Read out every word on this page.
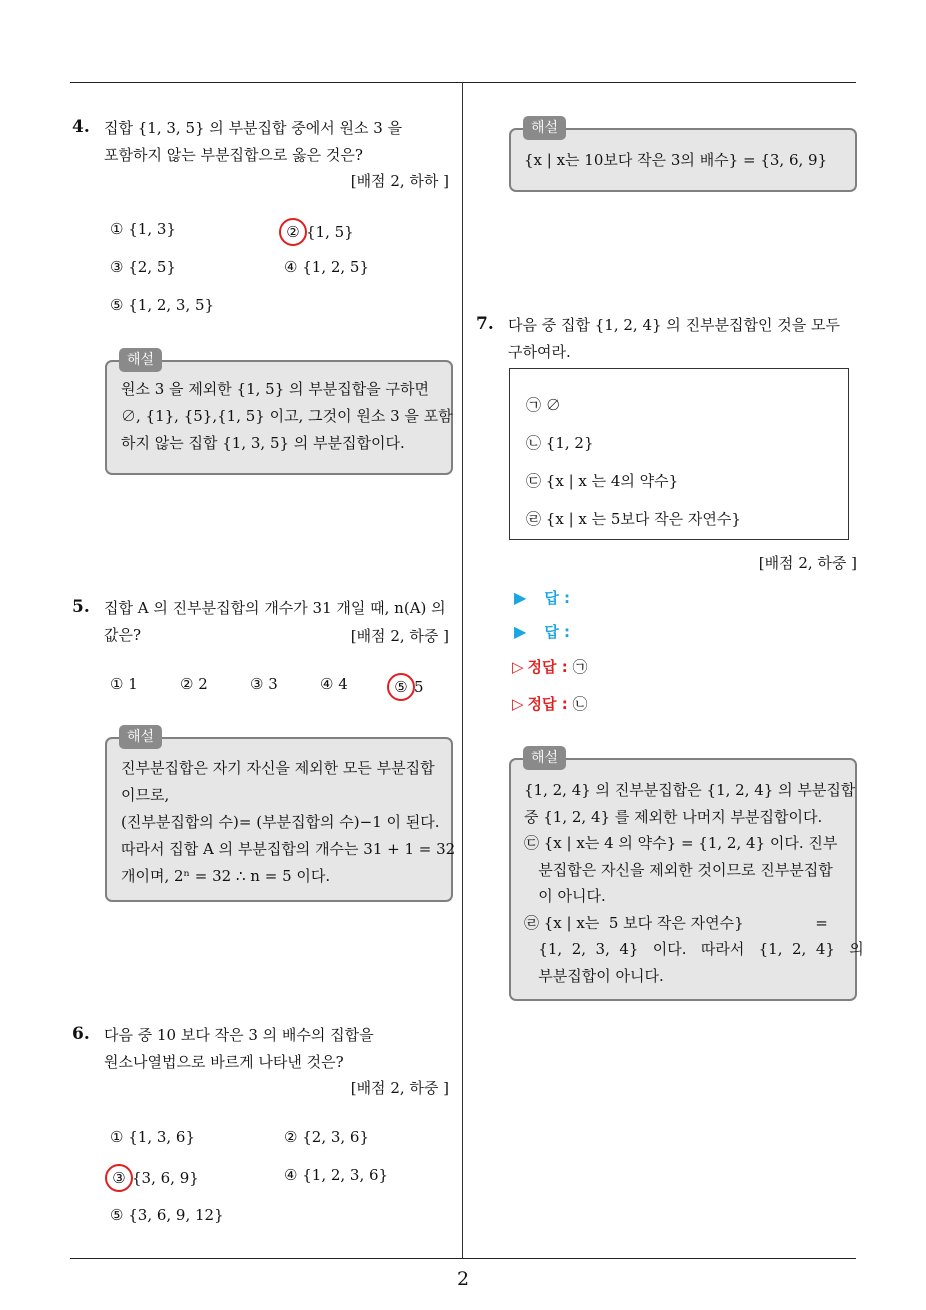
2
4. 집합 {1, 3, 5} 의 부분집합 중에서 원소 3 을
포함하지 않는 부분집합으로 옳은 것은?
[배점 2, 하하 ]
① {1, 3}	② {1, 5}
③ {2, 5}	④ {1, 2, 5}
⑤ {1, 2, 3, 5}
해설
원소 3 을 제외한 {1, 5} 의 부분집합을 구하면
∅, {1}, {5},{1, 5} 이고, 그것이 원소 3 을 포함
하지 않는 집합 {1, 3, 5} 의 부분집합이다.
5. 집합 A 의 진부분집합의 개수가 31 개일 때, n(A) 의
값은?	[배점 2, 하중 ]
① 1	② 2	③ 3	④ 4	⑤ 5
해설
진부분집합은 자기 자신을 제외한 모든 부분집합
이므로,
(진부분집합의 수)= (부분집합의 수)−1 이 된다.
따라서 집합 A 의 부분집합의 개수는 31 + 1 = 32
개이며, 2ⁿ = 32 ∴ n = 5 이다.
6. 다음 중 10 보다 작은 3 의 배수의 집합을
원소나열법으로 바르게 나타낸 것은?
[배점 2, 하중 ]
① {1, 3, 6}	② {2, 3, 6}
③ {3, 6, 9}	④ {1, 2, 3, 6}
⑤ {3, 6, 9, 12}
해설
{x | x는 10보다 작은 3의 배수} = {3, 6, 9}
7. 다음 중 집합 {1, 2, 4} 의 진부분집합인 것을 모두
구하여라.
㉠ ∅
㉡ {1, 2}
㉢ {x | x 는 4의 약수}
㉣ {x | x 는 5보다 작은 자연수}
[배점 2, 하중 ]
▶ 답 :
▶ 답 :
▷ 정답 : ㉠
▷ 정답 : ㉡
해설
{1, 2, 4} 의 진부분집합은 {1, 2, 4} 의 부분집합
중 {1, 2, 4} 를 제외한 나머지 부분집합이다.
㉢ {x | x는 4 의 약수} = {1, 2, 4} 이다. 진부
분집합은 자신을 제외한 것이므로 진부분집합
이 아니다.
㉣ {x | x는  5 보다 작은 자연수}               =
{1,  2,  3,  4}   이다.   따라서   {1,  2,  4}   의
부분집합이 아니다.
